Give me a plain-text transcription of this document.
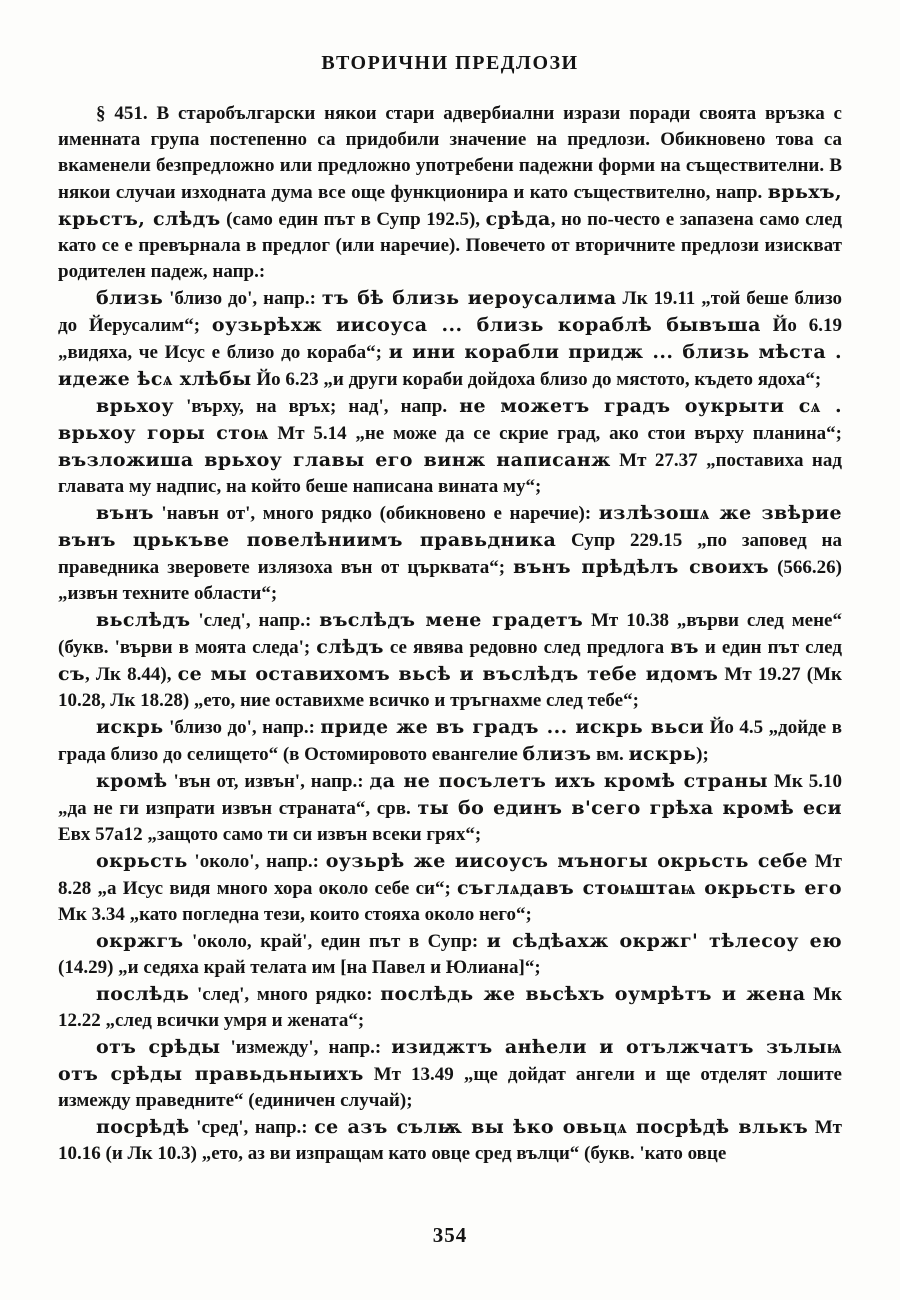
ВТОРИЧНИ ПРЕДЛОЗИ

§ 451. В старобългарски някои стари адвербиални изрази поради своята връзка с именната група постепенно са придобили значение на предлози. Обикновено това са вкаменели безпредложно или предложно употребени падежни форми на съществителни. В някои случаи изходната дума все още функционира и като съществително, напр. врьхъ, крьстъ, слѣдъ (само един път в Супр 192.5), срѣда, но по-често е запазена само след като се е превърнала в предлог (или наречие). Повечето от вторичните предлози изискват родителен падеж, напр.:

близь 'близо до', напр.: тъ бѣ близь иероусалима Лк 19.11 „той беше близо до Йерусалим“; оузьрѣхж иисоуса ... близь кораблѣ бывъша Йо 6.19 „видяха, че Исус е близо до кораба“; и ини корабли придж ... близь мѣста . идеже ѣсѧ хлѣбы Йо 6.23 „и други кораби дойдоха близо до мястото, където ядоха“;

врьхоу 'върху, на връх; над', напр. не можетъ градъ оукрыти сѧ . врьхоу горы стоѩ Мт 5.14 „не може да се скрие град, ако стои върху планина“; възложиша врьхоу главы его винж написанж Мт 27.37 „поставиха над главата му надпис, на който беше написана вината му“;

вънъ 'навън от', много рядко (обикновено е наречие): излѣзошѧ же звѣрие вънъ црькъве повелѣниимъ правьдника Супр 229.15 „по заповед на праведника зверовете излязоха вън от църквата“; вънъ прѣдѣлъ своихъ (566.26) „извън техните области“;

вьслѣдъ 'след', напр.: въслѣдъ мене градетъ Мт 10.38 „върви след мене“ (букв. 'върви в моята следа'; слѣдъ се явява редовно след предлога въ и един път след съ, Лк 8.44), се мы оставихомъ вьсѣ и въслѣдъ тебе идомъ Мт 19.27 (Мк 10.28, Лк 18.28) „ето, ние оставихме всичко и тръгнахме след тебе“;

искрь 'близо до', напр.: приде же въ градъ ... искрь вьси Йо 4.5 „дойде в града близо до селището“ (в Остомировото евангелие близъ вм. искрь);

кромѣ 'вън от, извън', напр.: да не посълетъ ихъ кромѣ страны Мк 5.10 „да не ги изпрати извън страната“, срв. ты бо единъ в'сего грѣха кромѣ еси Евх 57а12 „защото само ти си извън всеки грях“;

окрьсть 'около', напр.: оузьрѣ же иисоусъ мъногы окрьсть себе Мт 8.28 „а Исус видя много хора около себе си“; съглѧдавъ стоѩштаѩ окрьсть его Мк 3.34 „като погледна тези, които стояха около него“;

окржгъ 'около, край', един път в Супр: и сѣдѣахж окржг' тѣлесоу ею (14.29) „и седяха край телата им [на Павел и Юлиана]“;

послѣдь 'след', много рядко: послѣдь же вьсѣхъ оумрѣтъ и жена Мк 12.22 „след всички умря и жената“;

отъ срѣды 'измежду', напр.: изиджтъ анћели и отължчатъ зълыѩ отъ срѣды правьдьныихъ Мт 13.49 „ще дойдат ангели и ще отделят лошите измежду праведните“ (единичен случай);

посрѣдѣ 'сред', напр.: се азъ сълѭ вы ѣко овьцѧ посрѣдѣ влькъ Мт 10.16 (и Лк 10.3) „ето, аз ви изпращам като овце сред вълци“ (букв. 'като овце

354
